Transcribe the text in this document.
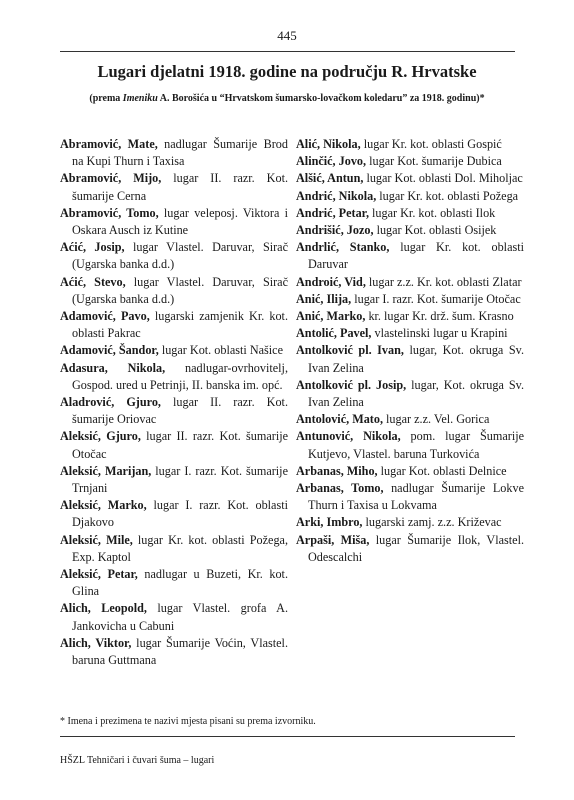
445
Lugari djelatni 1918. godine na području R. Hrvatske
(prema Imeniku A. Borošića u “Hrvatskom šumarsko-lovačkom koledaru” za 1918. godinu)*

Abramović, Mate, nadlugar Šumarije Brod na Kupi Thurn i Taxisa

Abramović, Mijo, lugar II. razr. Kot. šumarije Cerna

Abramović, Tomo, lugar veleposj. Viktora i Oskara Ausch iz Kutine

Aćić, Josip, lugar Vlastel. Daruvar, Sirač (Ugarska banka d.d.)

Aćić, Stevo, lugar Vlastel. Daruvar, Sirač (Ugarska banka d.d.)

Adamović, Pavo, lugarski zamjenik Kr. kot. oblasti Pakrac

Adamović, Šandor, lugar Kot. oblasti Našice

Adasura, Nikola, nadlugar-ovrhovitelj, Gospod. ured u Petrinji, II. banska im. opć.

Aladrović, Gjuro, lugar II. razr. Kot. šumarije Oriovac

Aleksić, Gjuro, lugar II. razr. Kot. šumarije Otočac

Aleksić, Marijan, lugar I. razr. Kot. šumarije Trnjani

Aleksić, Marko, lugar I. razr. Kot. oblasti Djakovo

Aleksić, Mile, lugar Kr. kot. oblasti Požega, Exp. Kaptol

Aleksić, Petar, nadlugar u Buzeti, Kr. kot. Glina

Alich, Leopold, lugar Vlastel. grofa A. Jankovicha u Cabuni

Alich, Viktor, lugar Šumarije Voćin, Vlastel. baruna Guttmana

Alić, Nikola, lugar Kr. kot. oblasti Gospić

Alinčić, Jovo, lugar Kot. šumarije Dubica

Alšić, Antun, lugar Kot. oblasti Dol. Miholjac

Andrić, Nikola, lugar Kr. kot. oblasti Požega

Andrić, Petar, lugar Kr. kot. oblasti Ilok

Andrišić, Jozo, lugar Kot. oblasti Osijek

Andrlić, Stanko, lugar Kr. kot. oblasti Daruvar

Androić, Vid, lugar z.z. Kr. kot. oblasti Zlatar

Anić, Ilija, lugar I. razr. Kot. šumarije Otočac

Anić, Marko, kr. lugar Kr. drž. šum. Krasno

Antolić, Pavel, vlastelinski lugar u Krapini

Antolković pl. Ivan, lugar, Kot. okruga Sv. Ivan Zelina

Antolković pl. Josip, lugar, Kot. okruga Sv. Ivan Zelina

Antolović, Mato, lugar z.z. Vel. Gorica

Antunović, Nikola, pom. lugar Šumarije Kutjevo, Vlastel. baruna Turkovića

Arbanas, Miho, lugar Kot. oblasti Delnice

Arbanas, Tomo, nadlugar Šumarije Lokve Thurn i Taxisa u Lokvama

Arki, Imbro, lugarski zamj. z.z. Križevac

Arpaši, Miša, lugar Šumarije Ilok, Vlastel. Odescalchi

* Imena i prezimena te nazivi mjesta pisani su prema izvorniku.
HŠZL Tehničari i čuvari šuma – lugari
